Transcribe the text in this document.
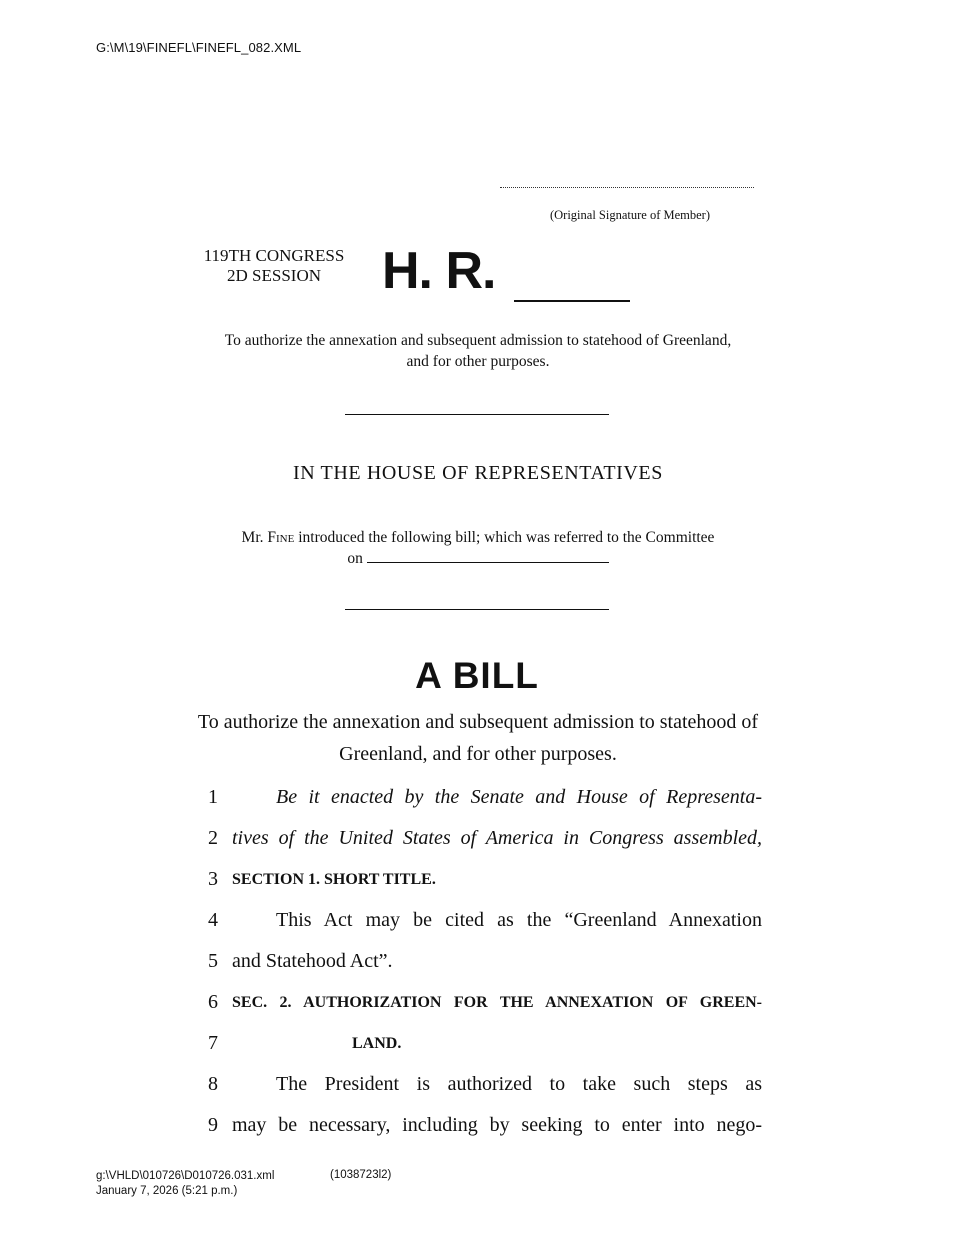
G:\M\19\FINEFL\FINEFL_082.XML
(Original Signature of Member)
119TH CONGRESS
2D SESSION	H. R.
To authorize the annexation and subsequent admission to statehood of Greenland, and for other purposes.
IN THE HOUSE OF REPRESENTATIVES
Mr. Fine introduced the following bill; which was referred to the Committee
on
A BILL
To authorize the annexation and subsequent admission to statehood of Greenland, and for other purposes.
1	Be it enacted by the Senate and House of Representa-
2 tives of the United States of America in Congress assembled,
3 SECTION 1. SHORT TITLE.
4	This Act may be cited as the “Greenland Annexation
5 and Statehood Act”.
6 SEC. 2. AUTHORIZATION FOR THE ANNEXATION OF GREEN-
7	LAND.
8	The President is authorized to take such steps as
9 may be necessary, including by seeking to enter into nego-
g:\VHLD\010726\D010726.031.xml
January 7, 2026 (5:21 p.m.)
(1038723l2)
